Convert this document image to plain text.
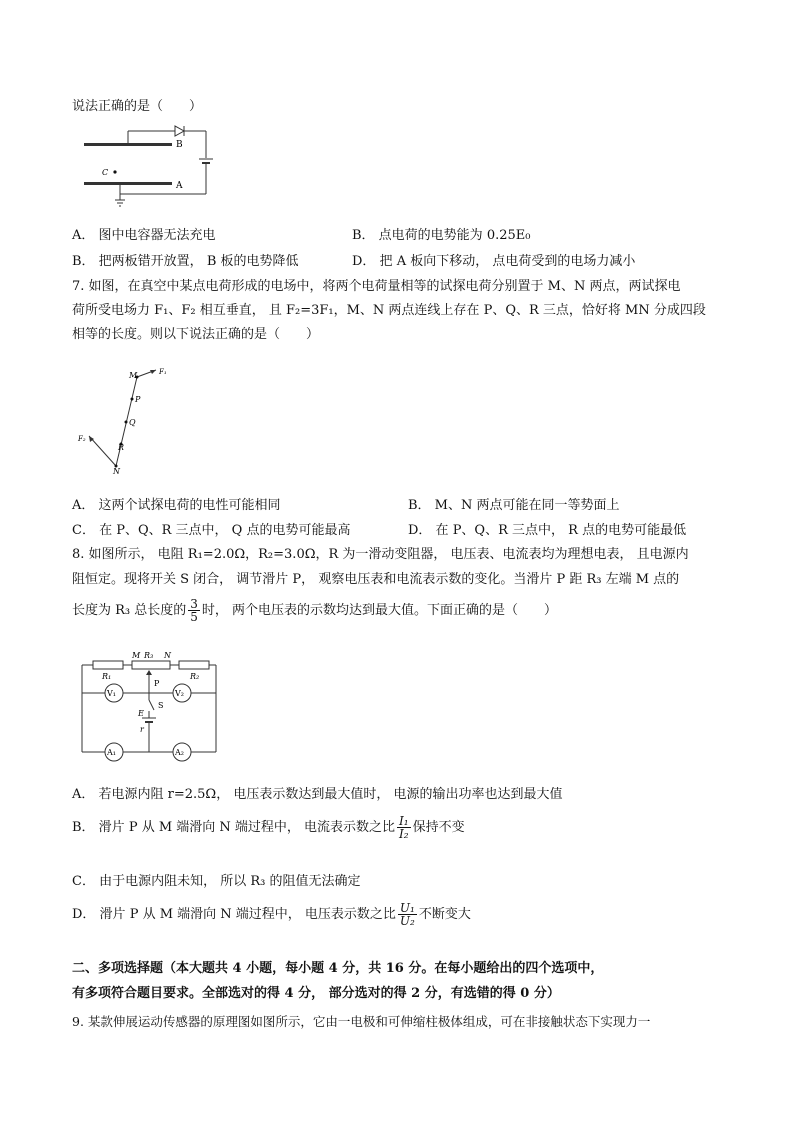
说法正确的是（　　）
B
A
C
A． 图中电容器无法充电	B． 点电荷的电势能为 0.25E₀
B． 把两板错开放置， B 板的电势降低	D． 把 A 板向下移动， 点电荷受到的电场力减小
7. 如图，在真空中某点电荷形成的电场中，将两个电荷量相等的试探电荷分别置于 M、N 两点，两试探电
荷所受电场力 F₁、F₂ 相互垂直， 且 F₂=3F₁，M、N 两点连线上存在 P、Q、R 三点，恰好将 MN 分成四段
相等的长度。则以下说法正确的是（　　）
M	F₁
P
Q
R
F₂
N
A． 这两个试探电荷的电性可能相同	B． M、N 两点可能在同一等势面上
C． 在 P、Q、R 三点中， Q 点的电势可能最高	D． 在 P、Q、R 三点中， R 点的电势可能最低
8. 如图所示， 电阻 R₁=2.0Ω，R₂=3.0Ω，R 为一滑动变阻器， 电压表、电流表均为理想电表， 且电源内
阻恒定。现将开关 S 闭合， 调节滑片 P， 观察电压表和电流表示数的变化。当滑片 P 距 R₃ 左端 M 点的
长度为 R₃ 总长度的 $\frac{3}{5}$ 时， 两个电压表的示数均达到最大值。下面正确的是（　　）
M R₃ N
R₁	R₂
V₁	V₂
P
S
E
r
A₁	A₂
A． 若电源内阻 r=2.5Ω， 电压表示数达到最大值时， 电源的输出功率也达到最大值
B． 滑片 P 从 M 端滑向 N 端过程中， 电流表示数之比 $\frac{\text{I₁}}{\text{I₂}}$ 保持不变
C． 由于电源内阻未知， 所以 R₃ 的阻值无法确定
D． 滑片 P 从 M 端滑向 N 端过程中， 电压表示数之比 $\frac{\text{U₁}}{\text{U₂}}$ 不断变大
二、多项选择题（本大题共 4 小题，每小题 4 分，共 16 分。在每小题给出的四个选项中，
有多项符合题目要求。全部选对的得 4 分， 部分选对的得 2 分，有选错的得 0 分）
9. 某款伸展运动传感器的原理图如图所示，它由一电极和可伸缩柱极体组成，可在非接触状态下实现力一
